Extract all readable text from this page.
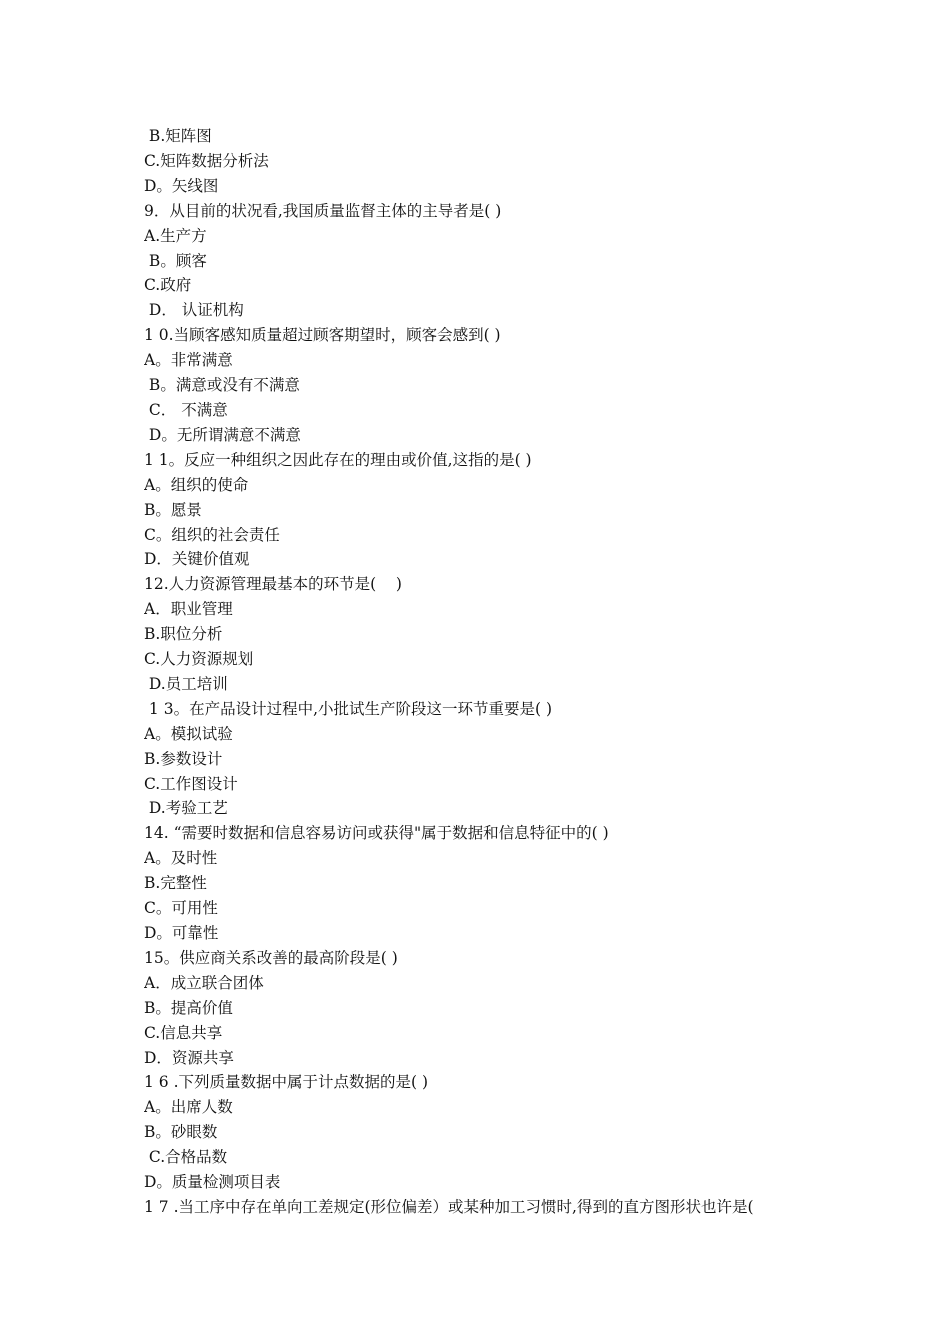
B.矩阵图
C.矩阵数据分析法
D。矢线图
9．从目前的状况看,我国质量监督主体的主导者是( )
A.生产方
B。顾客
C.政府
D． 认证机构
1 0.当顾客感知质量超过顾客期望时，顾客会感到( )
A。非常满意
B。满意或没有不满意
C． 不满意
D。无所谓满意不满意
1 1。反应一种组织之因此存在的理由或价值,这指的是( )
A。组织的使命
B。愿景
C。组织的社会责任
D．关键价值观
12.人力资源管理最基本的环节是(    )
A．职业管理
B.职位分析
C.人力资源规划
D.员工培训
1 3。在产品设计过程中,小批试生产阶段这一环节重要是( )
A。模拟试验
B.参数设计
C.工作图设计
D.考验工艺
14. “需要时数据和信息容易访问或获得"属于数据和信息特征中的( )
A。及时性
B.完整性
C。可用性
D。可靠性
15。供应商关系改善的最高阶段是( )
A．成立联合团体
B。提高价值
C.信息共享
D．资源共享
1 6 .下列质量数据中属于计点数据的是( )
A。出席人数
B。砂眼数
C.合格品数
D。质量检测项目表
1 7 .当工序中存在单向工差规定(形位偏差）或某种加工习惯时,得到的直方图形状也许是(
